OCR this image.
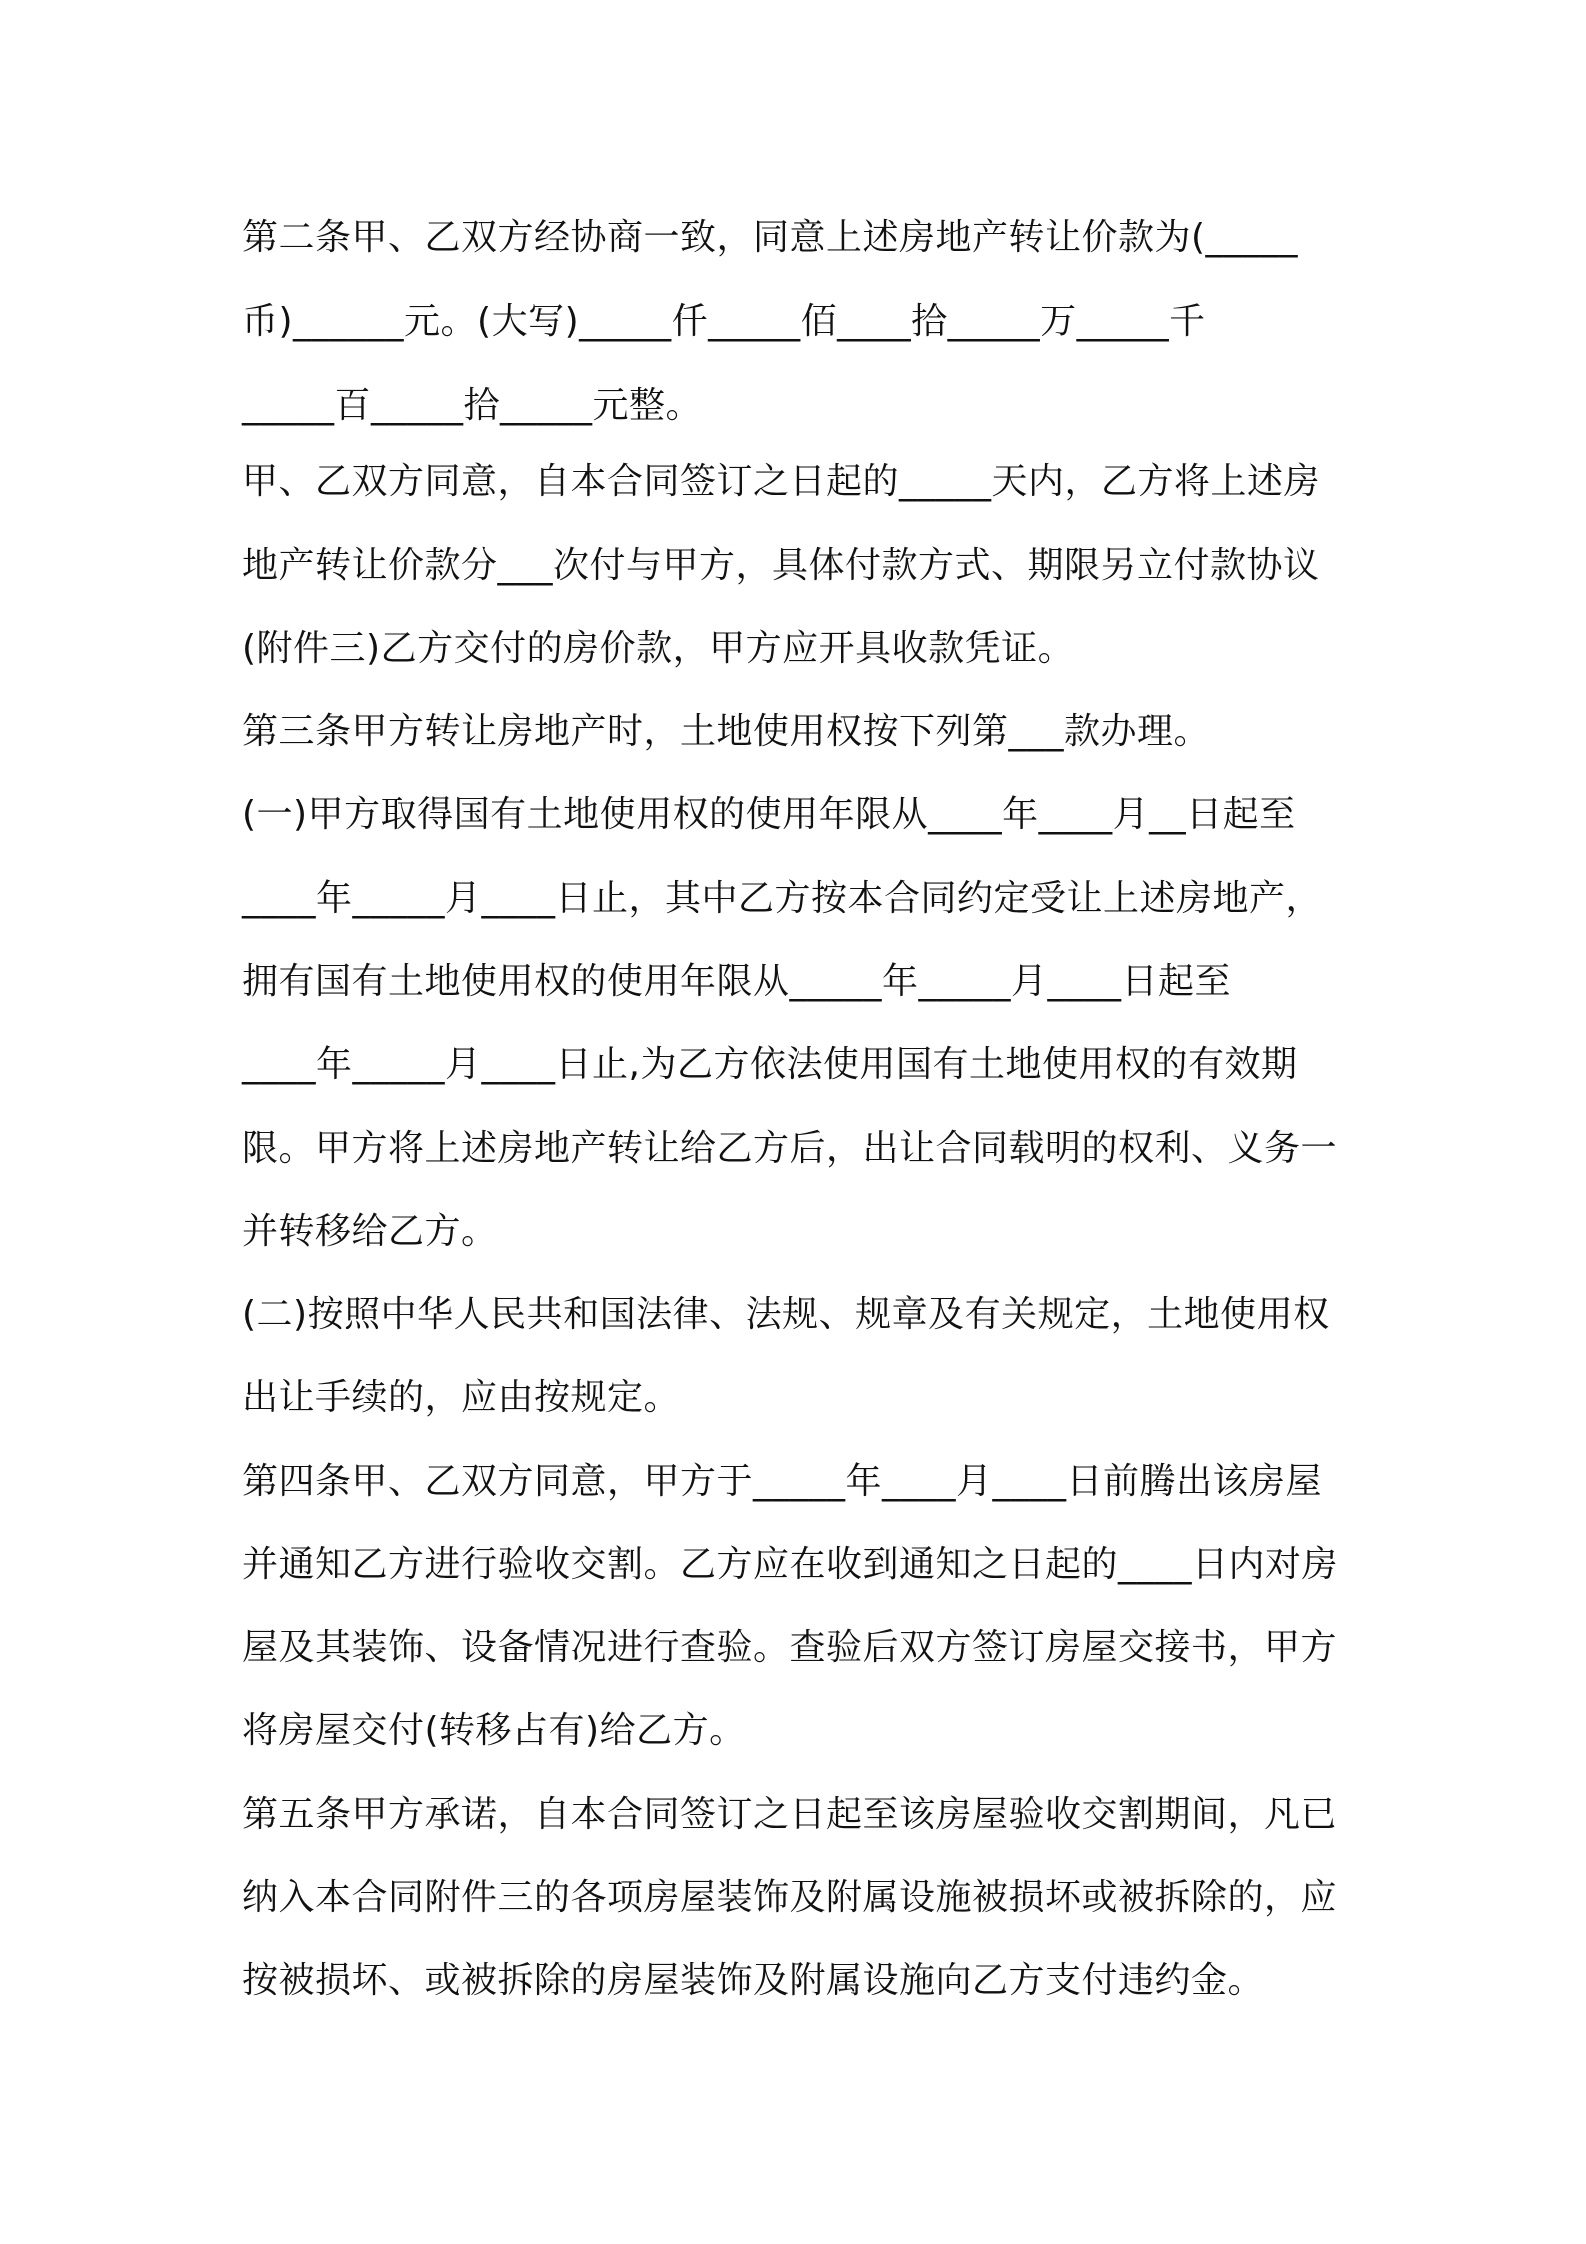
第二条甲、乙双方经协商一致，同意上述房地产转让价款为(_____
币)______元。(大写)_____仟_____佰____拾_____万_____千
_____百_____拾_____元整。
甲、乙双方同意，自本合同签订之日起的_____天内，乙方将上述房
地产转让价款分___次付与甲方，具体付款方式、期限另立付款协议
(附件三)乙方交付的房价款，甲方应开具收款凭证。
第三条甲方转让房地产时，土地使用权按下列第___款办理。
(一)甲方取得国有土地使用权的使用年限从____年____月__日起至
____年_____月____日止，其中乙方按本合同约定受让上述房地产，
拥有国有土地使用权的使用年限从_____年_____月____日起至
____年_____月____日止,为乙方依法使用国有土地使用权的有效期
限。甲方将上述房地产转让给乙方后，出让合同载明的权利、义务一
并转移给乙方。
(二)按照中华人民共和国法律、法规、规章及有关规定，土地使用权
出让手续的，应由按规定。
第四条甲、乙双方同意，甲方于_____年____月____日前腾出该房屋
并通知乙方进行验收交割。乙方应在收到通知之日起的____日内对房
屋及其装饰、设备情况进行查验。查验后双方签订房屋交接书，甲方
将房屋交付(转移占有)给乙方。
第五条甲方承诺，自本合同签订之日起至该房屋验收交割期间，凡已
纳入本合同附件三的各项房屋装饰及附属设施被损坏或被拆除的，应
按被损坏、或被拆除的房屋装饰及附属设施向乙方支付违约金。
